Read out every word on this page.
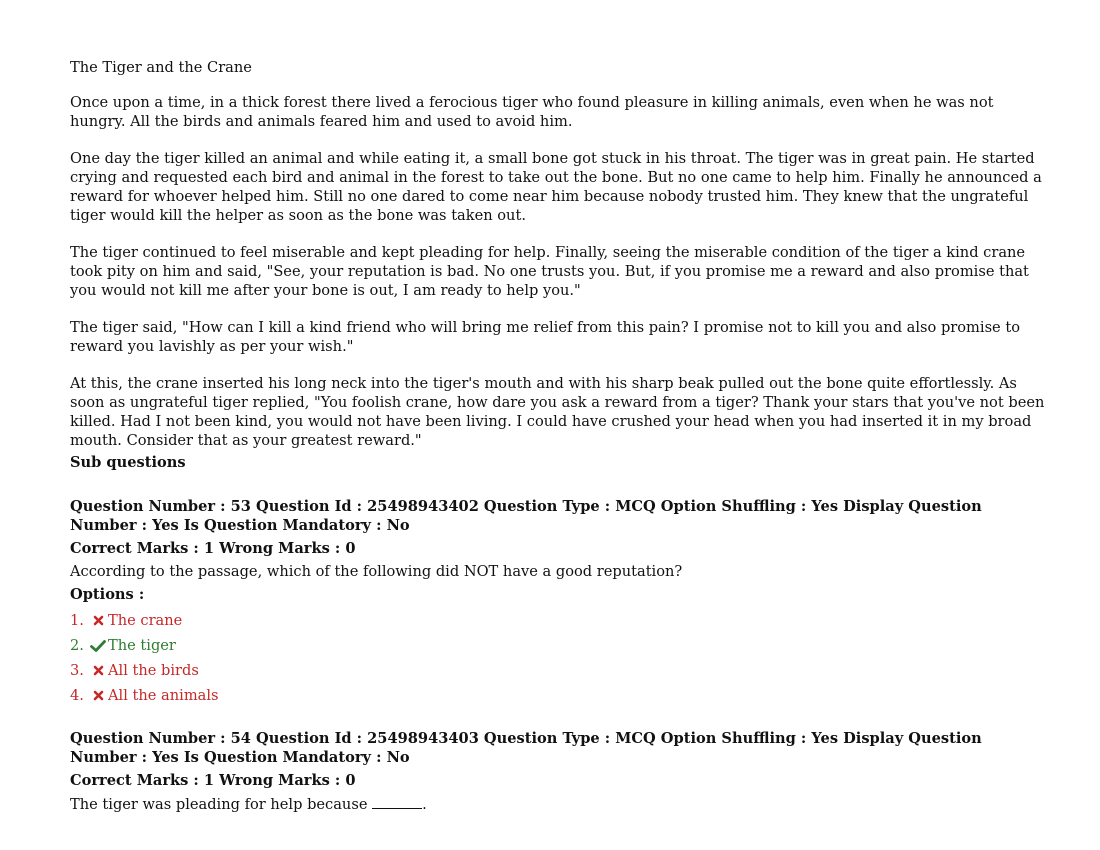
The Tiger and the Crane

Once upon a time, in a thick forest there lived a ferocious tiger who found pleasure in killing animals, even when he was not hungry. All the birds and animals feared him and used to avoid him.

One day the tiger killed an animal and while eating it, a small bone got stuck in his throat. The tiger was in great pain. He started crying and requested each bird and animal in the forest to take out the bone. But no one came to help him. Finally he announced a reward for whoever helped him. Still no one dared to come near him because nobody trusted him. They knew that the ungrateful tiger would kill the helper as soon as the bone was taken out.

The tiger continued to feel miserable and kept pleading for help. Finally, seeing the miserable condition of the tiger a kind crane took pity on him and said, "See, your reputation is bad. No one trusts you. But, if you promise me a reward and also promise that you would not kill me after your bone is out, I am ready to help you."

The tiger said, "How can I kill a kind friend who will bring me relief from this pain? I promise not to kill you and also promise to reward you lavishly as per your wish."

At this, the crane inserted his long neck into the tiger's mouth and with his sharp beak pulled out the bone quite effortlessly. As soon as ungrateful tiger replied, "You foolish crane, how dare you ask a reward from a tiger? Thank your stars that you've not been killed. Had I not been kind, you would not have been living. I could have crushed your head when you had inserted it in my broad mouth. Consider that as your greatest reward."

Sub questions

Question Number : 53 Question Id : 25498943402 Question Type : MCQ Option Shuffling : Yes Display Question Number : Yes Is Question Mandatory : No

Correct Marks : 1 Wrong Marks : 0

According to the passage, which of the following did NOT have a good reputation?

Options :

1. The crane
2. The tiger
3. All the birds
4. All the animals

Question Number : 54 Question Id : 25498943403 Question Type : MCQ Option Shuffling : Yes Display Question Number : Yes Is Question Mandatory : No

Correct Marks : 1 Wrong Marks : 0

The tiger was pleading for help because	.
